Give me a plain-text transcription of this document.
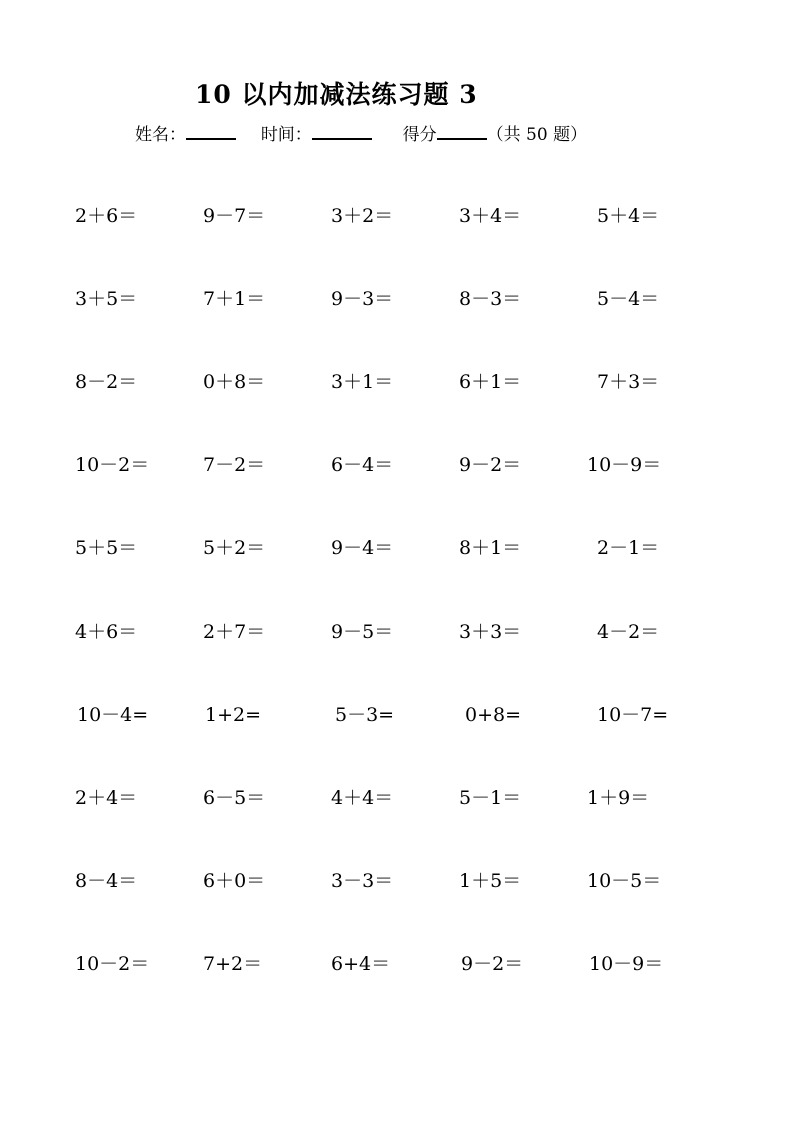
10 以内加减法练习题 3
姓名：	时间：	得分	（共 50 题）
2＋6＝	9－7＝	3＋2＝	3＋4＝	5＋4＝
3＋5＝	7＋1＝	9－3＝	8－3＝	5－4＝
8－2＝	0＋8＝	3＋1＝	6＋1＝	7＋3＝
10－2＝	7－2＝	6－4＝	9－2＝	10－9＝
5＋5＝	5＋2＝	9－4＝	8＋1＝	2－1＝
4＋6＝	2＋7＝	9－5＝	3＋3＝	4－2＝
10－4=	1+2=	5－3=	0+8=	10－7=
2＋4＝	6－5＝	4＋4＝	5－1＝	1＋9＝
8－4＝	6＋0＝	3－3＝	1＋5＝	10－5＝
10－2＝	7+2＝	6+4＝	9－2＝	10－9＝
